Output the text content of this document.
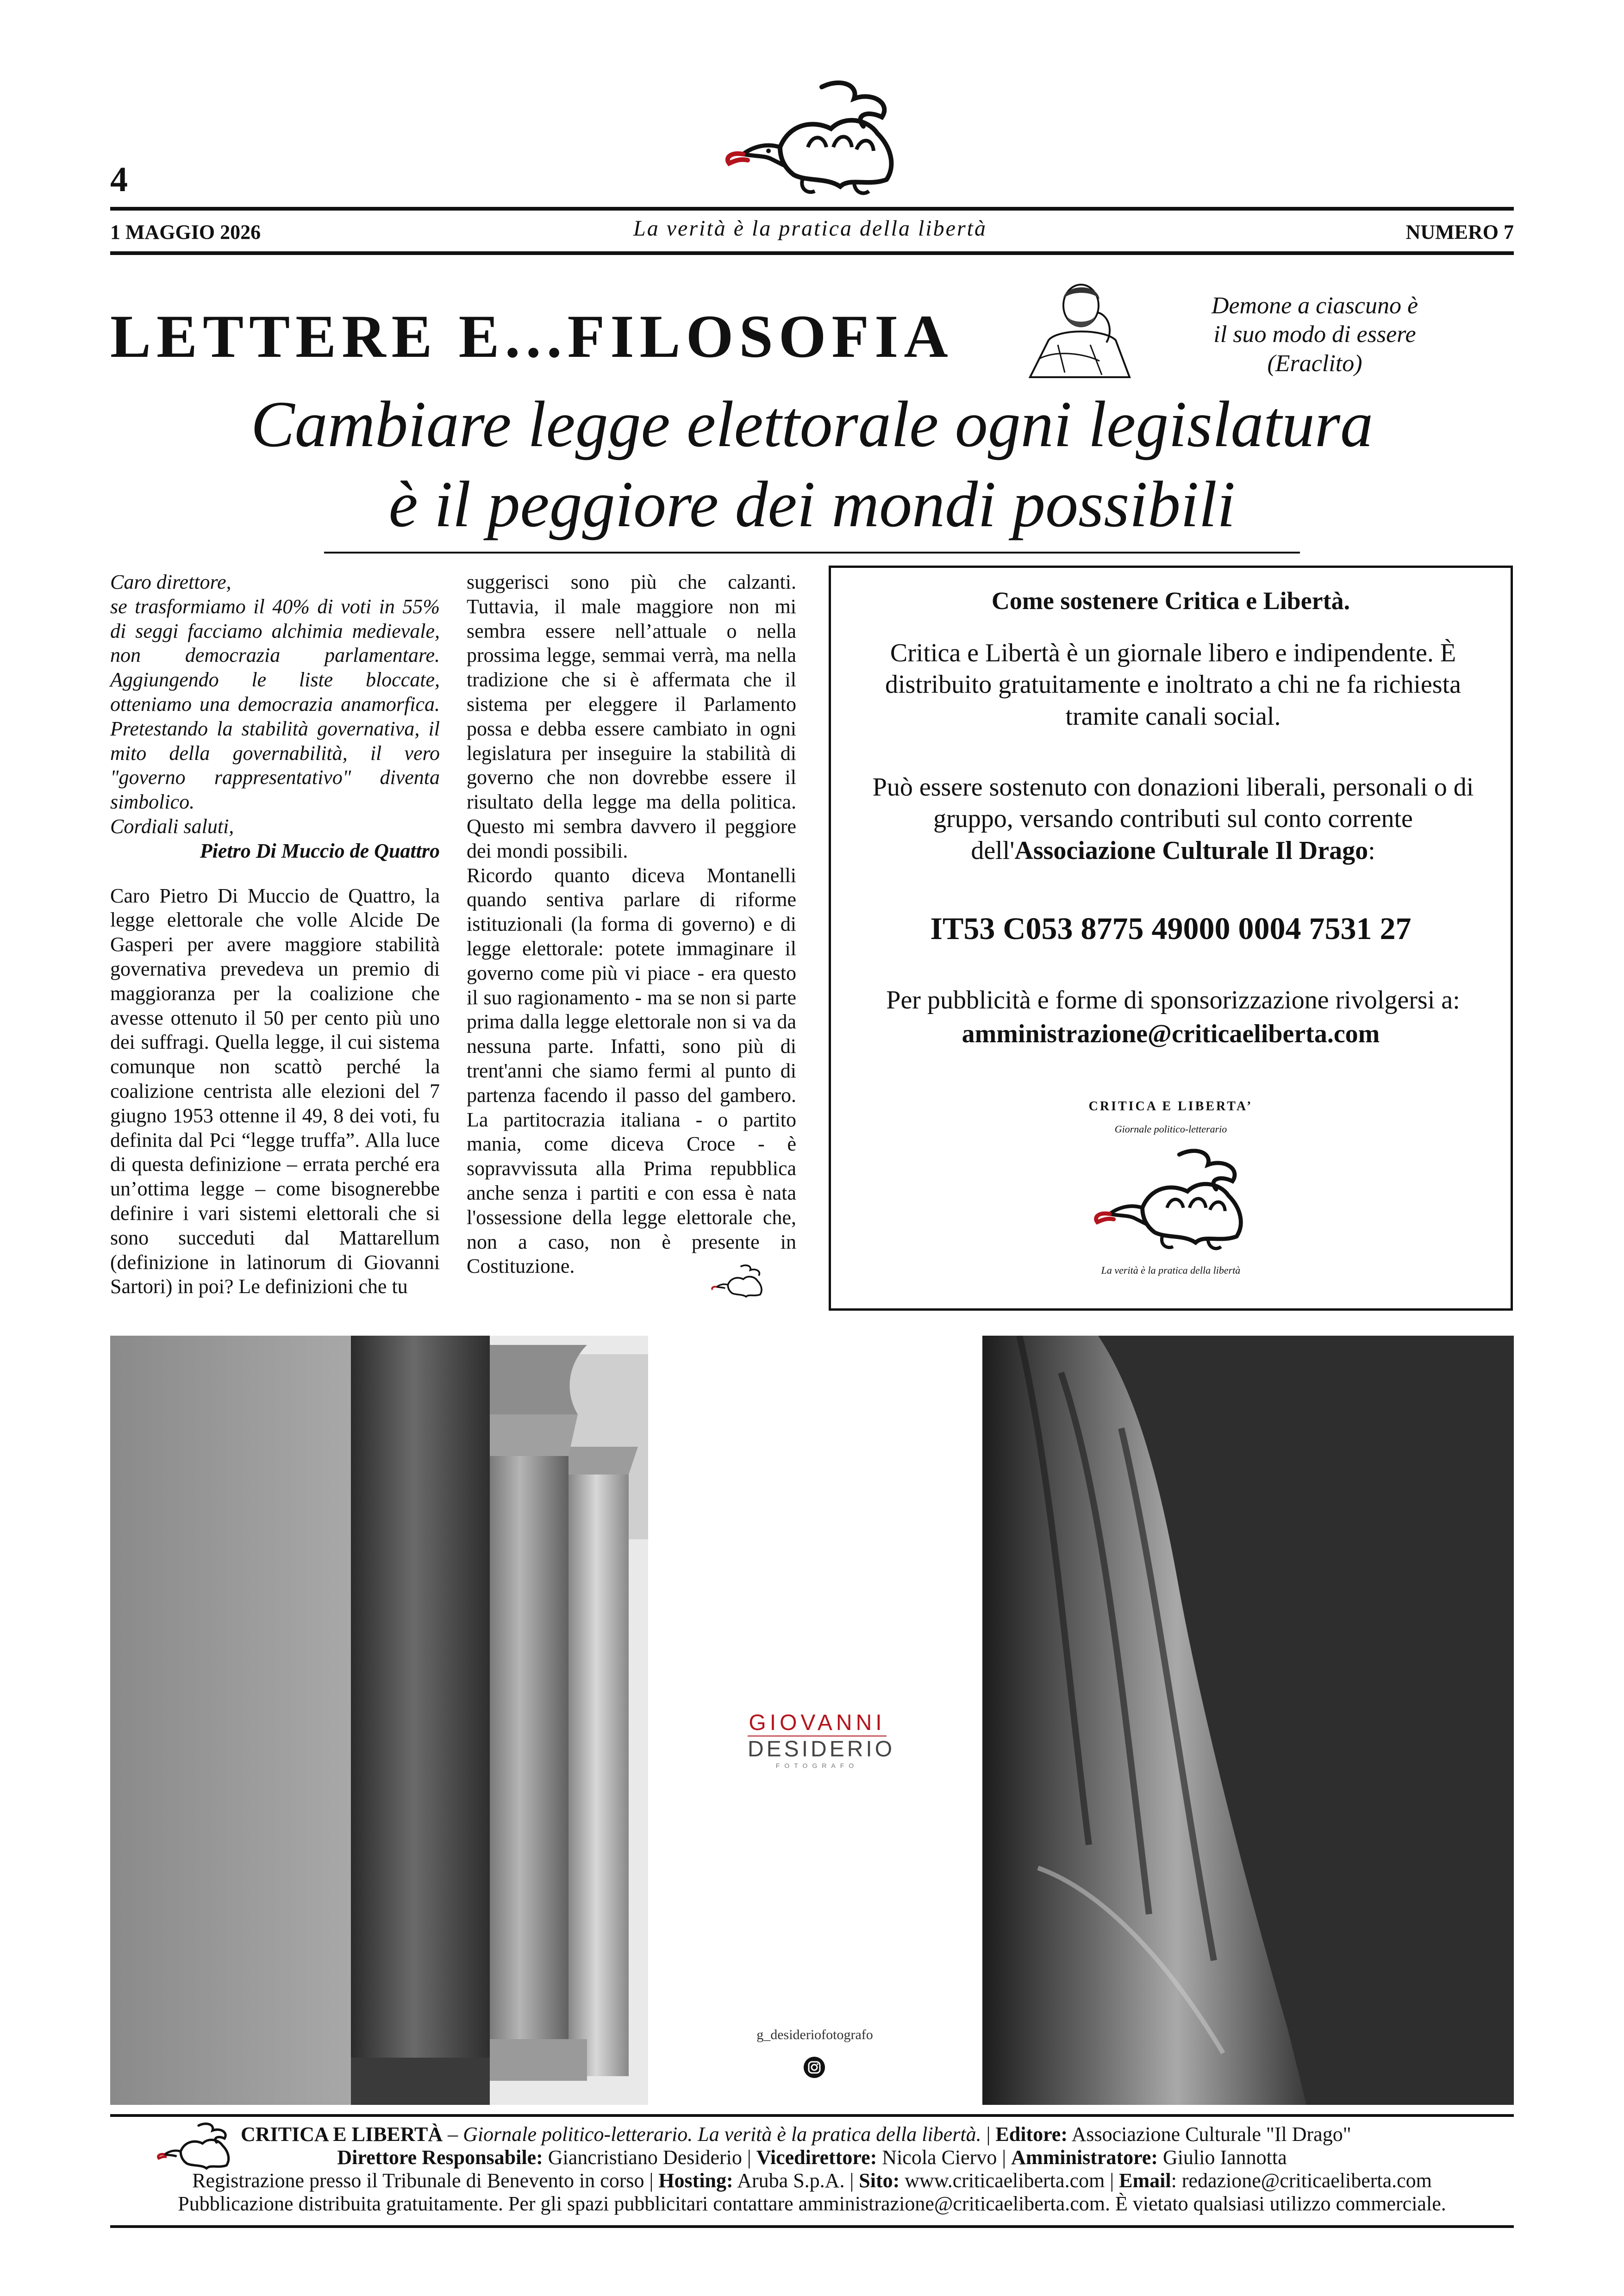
4
1 MAGGIO 2026	La verità è la pratica della libertà	NUMERO 7
LETTERE E...FILOSOFIA	Demone a ciascuno è
il suo modo di essere
(Eraclito)
Cambiare legge elettorale ogni legislatura
è il peggiore dei mondi possibili

Caro direttore,

se trasformiamo il 40% di voti in 55% di seggi facciamo alchimia medievale, non democrazia parlamentare. Aggiungendo le liste bloccate, otteniamo una democrazia anamorfica. Pretestando la stabilità governativa, il mito della governabilità, il vero "governo rappresentativo" diventa simbolico.

Cordiali saluti,

Pietro Di Muccio de Quattro

Caro Pietro Di Muccio de Quattro, la legge elettorale che volle Alcide De Gasperi per avere maggiore stabilità governativa prevedeva un premio di maggioranza per la coalizione che avesse ottenuto il 50 per cento più uno dei suffragi. Quella legge, il cui sistema comunque non scattò perché la coalizione centrista alle elezioni del 7 giugno 1953 ottenne il 49, 8 dei voti, fu definita dal Pci “legge truffa”. Alla luce di questa definizione – errata perché era un’ottima legge – come bisognerebbe definire i vari sistemi elettorali che si sono succeduti dal Mattarellum (definizione in latinorum di Giovanni Sartori) in poi? Le definizioni che tu

suggerisci sono più che calzanti. Tuttavia, il male maggiore non mi sembra essere nell’attuale o nella prossima legge, semmai verrà, ma nella tradizione che si è affermata che il sistema per eleggere il Parlamento possa e debba essere cambiato in ogni legislatura per inseguire la stabilità di governo che non dovrebbe essere il risultato della legge ma della politica. Questo mi sembra davvero il peggiore dei mondi possibili.

Ricordo quanto diceva Montanelli quando sentiva parlare di riforme istituzionali (la forma di governo) e di legge elettorale: potete immaginare il governo come più vi piace - era questo il suo ragionamento - ma se non si parte prima dalla legge elettorale non si va da nessuna parte. Infatti, sono più di trent'anni che siamo fermi al punto di partenza facendo il passo del gambero. La partitocrazia italiana - o partito mania, come diceva Croce - è sopravvissuta alla Prima repubblica anche senza i partiti e con essa è nata l'ossessione della legge elettorale che, non a caso, non è presente in Costituzione.

Come sostenere Critica e Libertà.
Critica e Libertà è un giornale libero e indipendente. È distribuito gratuitamente e inoltrato a chi ne fa richiesta tramite canali social.
Può essere sostenuto con donazioni liberali, personali o di gruppo, versando contributi sul conto corrente dell'Associazione Culturale Il Drago:
IT53 C053 8775 49000 0004 7531 27
Per pubblicità e forme di sponsorizzazione rivolgersi a:
amministrazione@criticaeliberta.com
CRITICA E LIBERTA’
Giornale politico-letterario
La verità è la pratica della libertà
GIOVANNI
DESIDERIO
FOTOGRAFO
g_desideriofotografo
CRITICA E LIBERTÀ – Giornale politico-letterario. La verità è la pratica della libertà. | Editore: Associazione Culturale "Il Drago"
Direttore Responsabile: Giancristiano Desiderio | Vicedirettore: Nicola Ciervo | Amministratore: Giulio Iannotta
Registrazione presso il Tribunale di Benevento in corso | Hosting: Aruba S.p.A. | Sito: www.criticaeliberta.com | Email: redazione@criticaeliberta.com
Pubblicazione distribuita gratuitamente. Per gli spazi pubblicitari contattare amministrazione@criticaeliberta.com. È vietato qualsiasi utilizzo commerciale.
